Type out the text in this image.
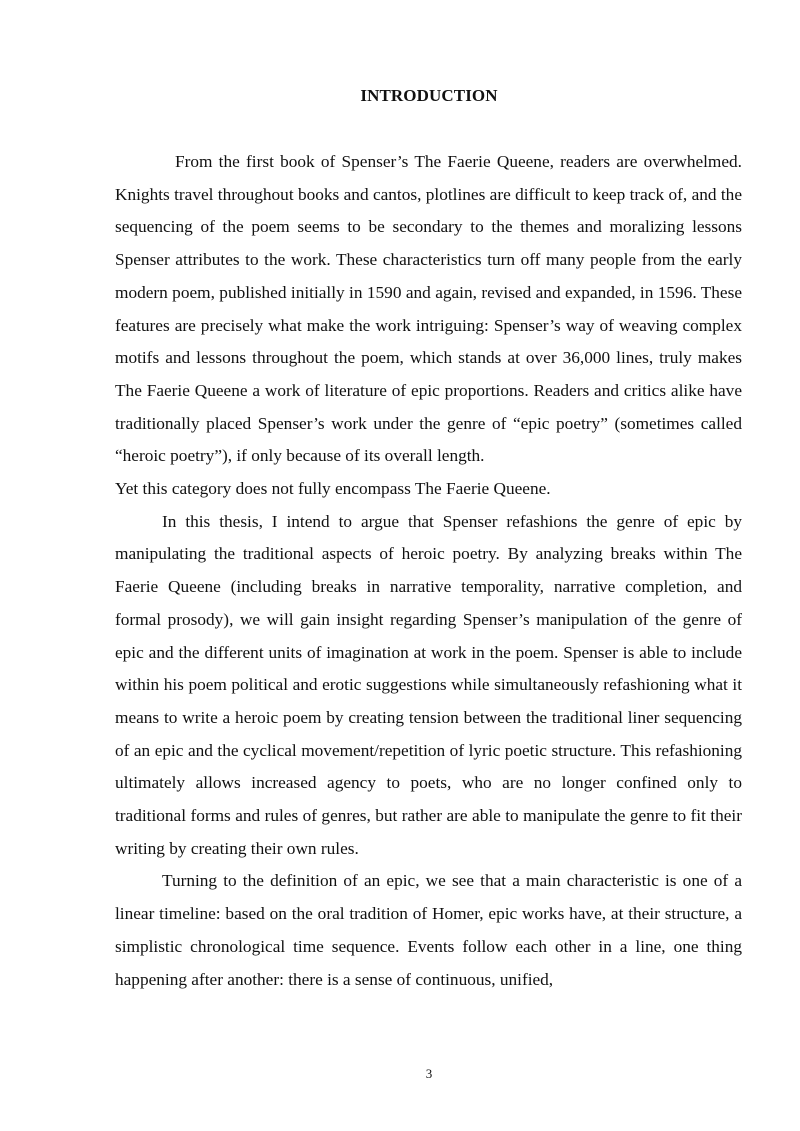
INTRODUCTION

From the first book of Spenser’s The Faerie Queene, readers are overwhelmed. Knights travel throughout books and cantos, plotlines are difficult to keep track of, and the sequencing of the poem seems to be secondary to the themes and moralizing lessons Spenser attributes to the work. These characteristics turn off many people from the early modern poem, published initially in 1590 and again, revised and expanded, in 1596. These features are precisely what make the work intriguing: Spenser’s way of weaving complex motifs and lessons throughout the poem, which stands at over 36,000 lines, truly makes The Faerie Queene a work of literature of epic proportions. Readers and critics alike have traditionally placed Spenser’s work under the genre of “epic poetry” (sometimes called “heroic poetry”), if only because of its overall length.

Yet this category does not fully encompass The Faerie Queene.

In this thesis, I intend to argue that Spenser refashions the genre of epic by manipulating the traditional aspects of heroic poetry. By analyzing breaks within The Faerie Queene (including breaks in narrative temporality, narrative completion, and formal prosody), we will gain insight regarding Spenser’s manipulation of the genre of epic and the different units of imagination at work in the poem. Spenser is able to include within his poem political and erotic suggestions while simultaneously refashioning what it means to write a heroic poem by creating tension between the traditional liner sequencing of an epic and the cyclical movement/repetition of lyric poetic structure. This refashioning ultimately allows increased agency to poets, who are no longer confined only to traditional forms and rules of genres, but rather are able to manipulate the genre to fit their writing by creating their own rules.

Turning to the definition of an epic, we see that a main characteristic is one of a linear timeline: based on the oral tradition of Homer, epic works have, at their structure, a simplistic chronological time sequence. Events follow each other in a line, one thing happening after another: there is a sense of continuous, unified,

3
